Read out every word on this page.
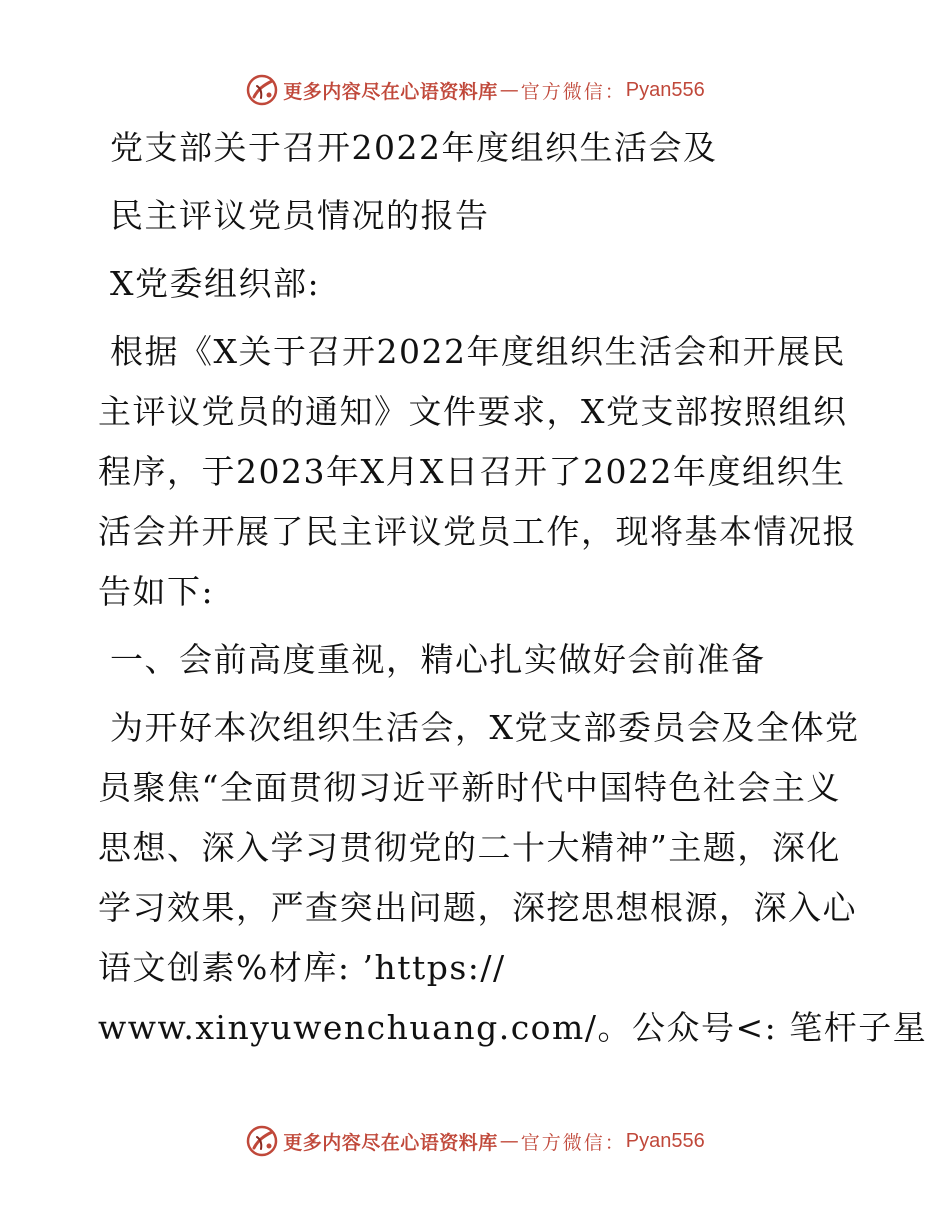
更多内容尽在心语资料库 — 官方微信： Pyan556
党支部关于召开2022年度组织生活会及
民主评议党员情况的报告
X党委组织部:
根据《X关于召开2022年度组织生活会和开展民
主评议党员的通知》文件要求，X党支部按照组织
程序，于2023年X月X日召开了2022年度组织生
活会并开展了民主评议党员工作，现将基本情况报
告如下:
一、会前高度重视，精心扎实做好会前准备
为开好本次组织生活会，X党支部委员会及全体党
员聚焦“全面贯彻习近平新时代中国特色社会主义
思想、深入学习贯彻党的二十大精神”主题，深化
学习效果，严查突出问题，深挖思想根源，深入心
语文创素%材库: ’https://
www.xinyuwenchuang.com/。公众号<: 笔杆子星
更多内容尽在心语资料库 — 官方微信： Pyan556
